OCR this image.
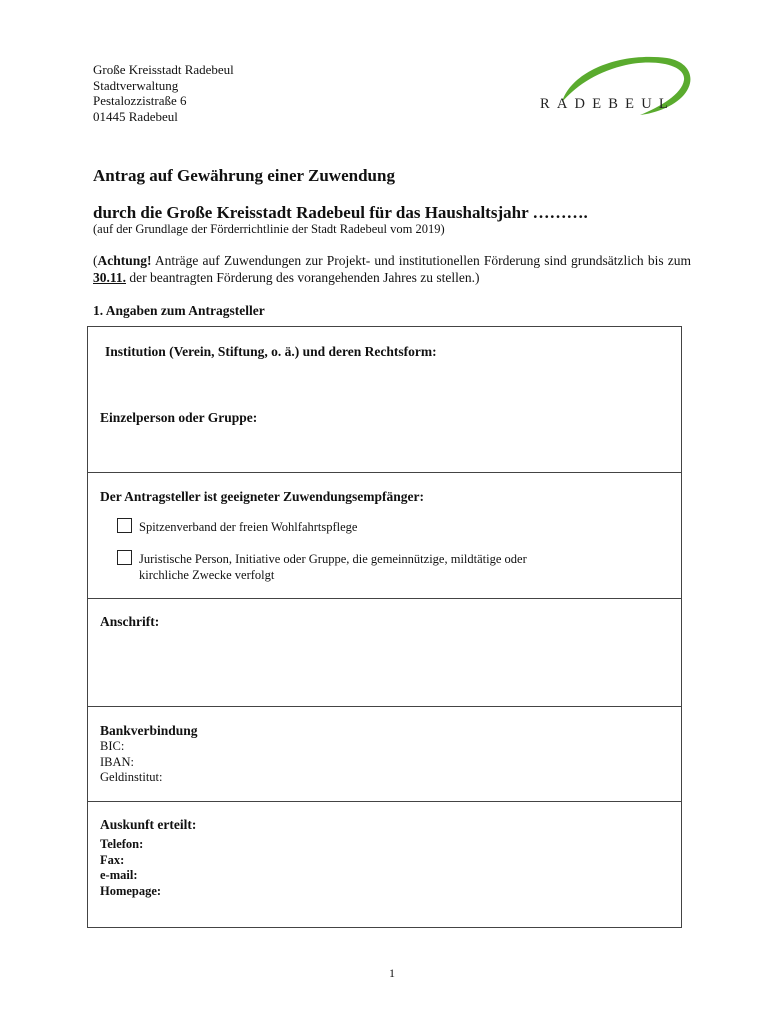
Große Kreisstadt Radebeul
Stadtverwaltung
Pestalozzistraße 6
01445 Radebeul
RADEBEUL
Antrag auf Gewährung einer Zuwendung
durch die Große Kreisstadt Radebeul für das Haushaltsjahr ……….
(auf der Grundlage der Förderrichtlinie der Stadt Radebeul vom 2019)
(Achtung! Anträge auf Zuwendungen zur Projekt- und institutionellen Förderung sind grundsätzlich bis zum 30.11. der beantragten Förderung des vorangehenden Jahres zu stellen.)
1. Angaben zum Antragsteller
Institution (Verein, Stiftung, o. ä.) und deren Rechtsform:
Einzelperson oder Gruppe:
Der Antragsteller ist geeigneter Zuwendungsempfänger:
Spitzenverband der freien Wohlfahrtspflege
Juristische Person, Initiative oder Gruppe, die gemeinnützige, mildtätige oder
kirchliche Zwecke verfolgt
Anschrift:
Bankverbindung
BIC:
IBAN:
Geldinstitut:
Auskunft erteilt:
Telefon:
Fax:
e-mail:
Homepage:
1
